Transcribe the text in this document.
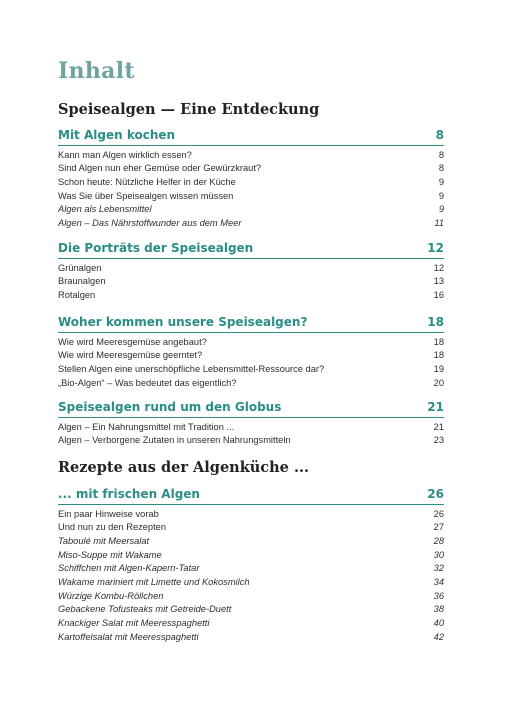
Inhalt
Speisealgen — Eine Entdeckung
Mit Algen kochen	8
Kann man Algen wirklich essen?	8
Sind Algen nun eher Gemüse oder Gewürzkraut?	8
Schon heute: Nützliche Helfer in der Küche	9
Was Sie über Speisealgen wissen müssen	9
Algen als Lebensmittel	9
Algen – Das Nährstoffwunder aus dem Meer	11
Die Porträts der Speisealgen	12
Grünalgen	12
Braunalgen	13
Rotalgen	16
Woher kommen unsere Speisealgen?	18
Wie wird Meeresgemüse angebaut?	18
Wie wird Meeresgemüse geerntet?	18
Stellen Algen eine unerschöpfliche Lebensmittel-Ressource dar?	19
„Bio-Algen“ – Was bedeutet das eigentlich?	20
Speisealgen rund um den Globus	21
Algen – Ein Nahrungsmittel mit Tradition ...	21
Algen – Verborgene Zutaten in unseren Nahrungsmitteln	23
Rezepte aus der Algenküche ...
... mit frischen Algen	26
Ein paar Hinweise vorab	26
Und nun zu den Rezepten	27
Taboulé mit Meersalat	28
Miso-Suppe mit Wakame	30
Schiffchen mit Algen-Kapern-Tatar	32
Wakame mariniert mit Limette und Kokosmilch	34
Würzige Kombu-Röllchen	36
Gebackene Tofusteaks mit Getreide-Duett	38
Knackiger Salat mit Meeresspaghetti	40
Kartoffelsalat mit Meeresspaghetti	42
